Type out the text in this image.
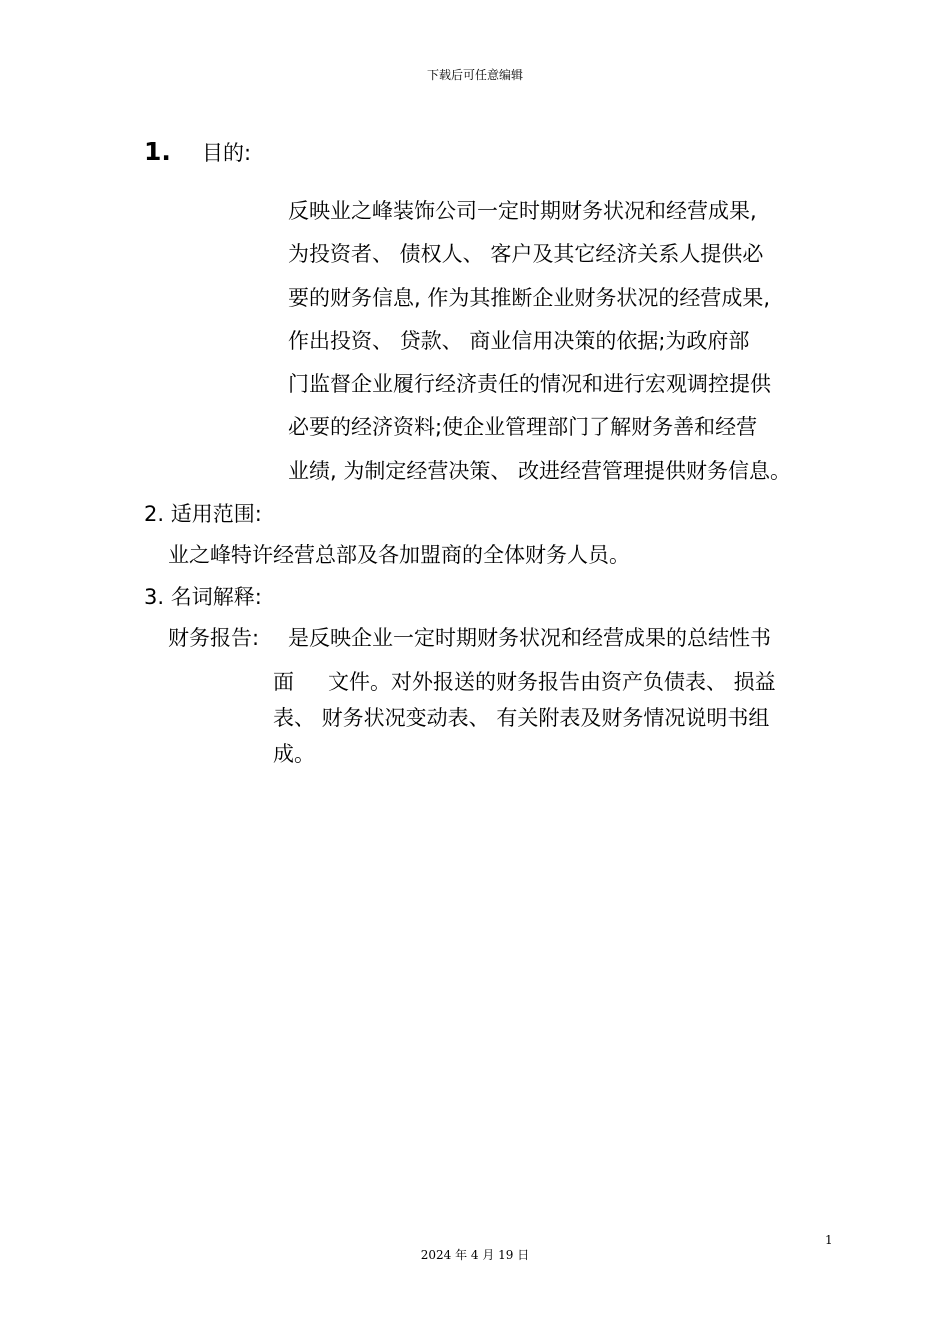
下载后可任意编辑
1. 目的:
反映业之峰装饰公司一定时期财务状况和经营成果,
为投资者、 债权人、 客户及其它经济关系人提供必
要的财务信息, 作为其推断企业财务状况的经营成果,
作出投资、 贷款、 商业信用决策的依据;为政府部
门监督企业履行经济责任的情况和进行宏观调控提供
必要的经济资料;使企业管理部门了解财务善和经营
业绩, 为制定经营决策、 改进经营管理提供财务信息。
2. 适用范围:
业之峰特许经营总部及各加盟商的全体财务人员。
3. 名词解释:
财务报告: 是反映企业一定时期财务状况和经营成果的总结性书
面 文件。对外报送的财务报告由资产负债表、 损益
表、 财务状况变动表、 有关附表及财务情况说明书组
成。
1
2024 年 4 月 19 日
